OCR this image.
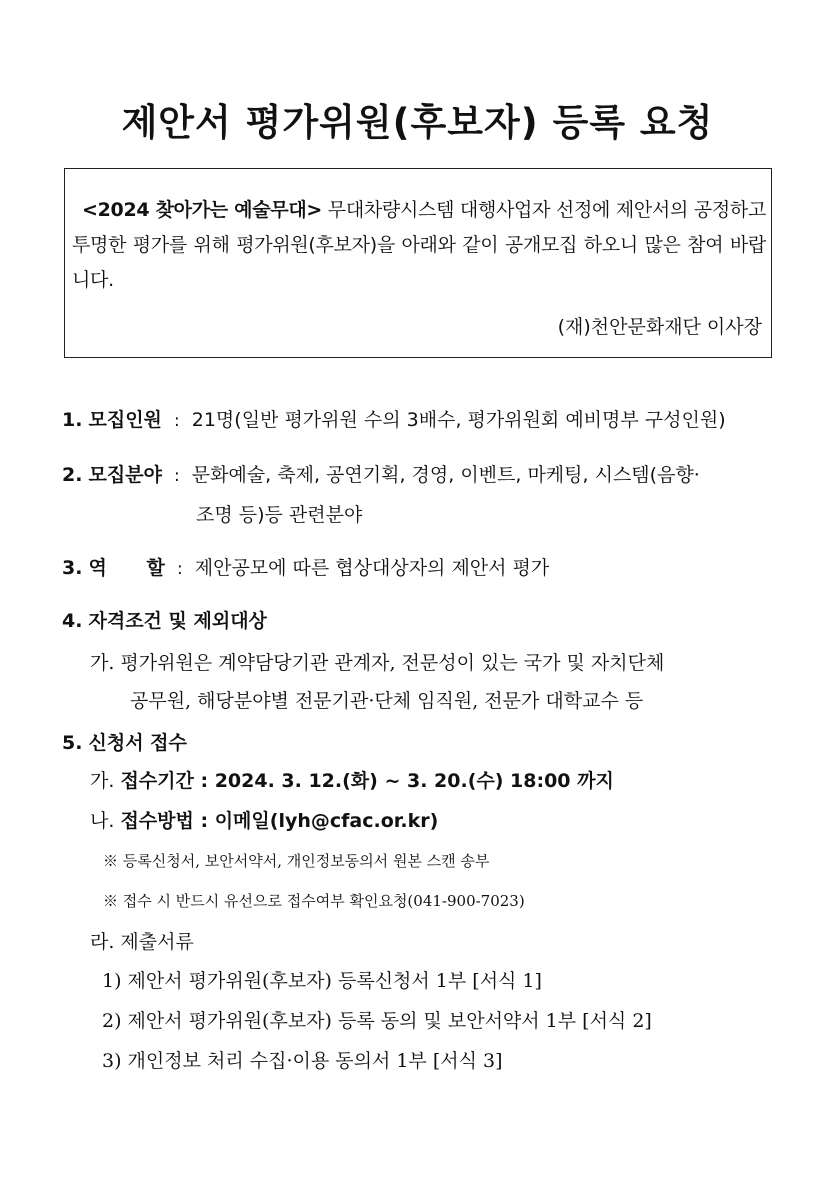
제안서 평가위원(후보자) 등록 요청
<2024 찾아가는 예술무대> 무대차량시스템 대행사업자 선정에 제안서의 공정하고 투명한 평가를 위해 평가위원(후보자)을 아래와 같이 공개모집 하오니 많은 참여 바랍니다.
(재)천안문화재단 이사장
1. 모집인원 : 21명(일반 평가위원 수의 3배수, 평가위원회 예비명부 구성인원)
2. 모집분야 : 문화예술, 축제, 공연기획, 경영, 이벤트, 마케팅, 시스템(음향·
조명 등)등 관련분야
3. 역      할 : 제안공모에 따른 협상대상자의 제안서 평가
4. 자격조건 및 제외대상
가. 평가위원은 계약담당기관 관계자, 전문성이 있는 국가 및 자치단체
공무원, 해당분야별 전문기관·단체 임직원, 전문가 대학교수 등
5. 신청서 접수
가. 접수기간 : 2024. 3. 12.(화) ~ 3. 20.(수) 18:00 까지
나. 접수방법 : 이메일(lyh@cfac.or.kr)
※ 등록신청서, 보안서약서, 개인정보동의서 원본 스캔 송부
※ 접수 시 반드시 유선으로 접수여부 확인요청(041-900-7023)
라. 제출서류
1) 제안서 평가위원(후보자) 등록신청서 1부 [서식 1]
2) 제안서 평가위원(후보자) 등록 동의 및 보안서약서 1부 [서식 2]
3) 개인정보 처리 수집·이용 동의서 1부 [서식 3]
